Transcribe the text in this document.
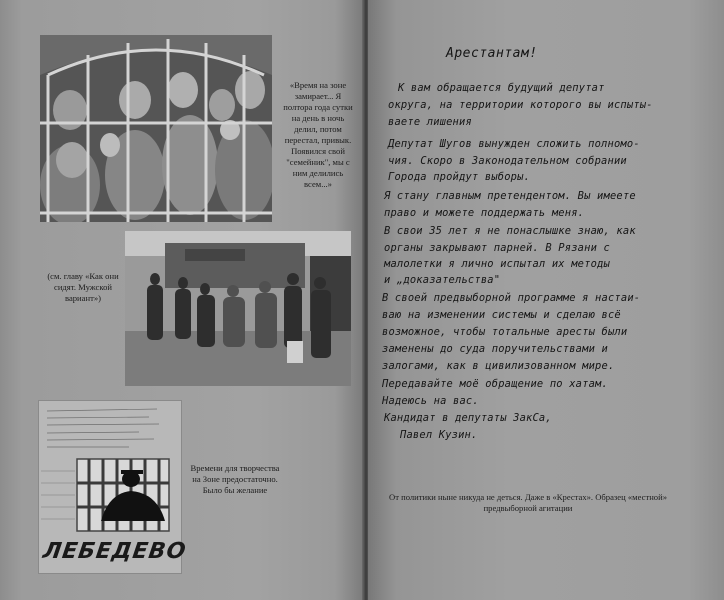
«Время на зоне замирает... Я полтора года сутки на день в ночь делил, потом перестал, привык. Появился свой "семейник", мы с ним делились всем...»
(см. главу «Как они сидят. Мужской вариант»)
ЛЕБЕДЕВО
Времени для творчества на Зоне предостаточно. Было бы желание
Арестантам!
К вам обращается будущий депутат
округа, на территории которого вы испыты-
ваете лишения
Депутат Шугов вынужден сложить полномо-
чия. Скоро в Законодательном собрании
Города пройдут выборы.
Я стану главным претендентом. Вы имеете
право и можете поддержать меня.
В свои 35 лет я не понаслышке знаю, как
органы закрывают парней. В Рязани с
малолетки я лично испытал их методы
и „доказательства"
В своей предвыборной программе я настаи-
ваю на изменении системы и сделаю всё
возможное, чтобы тотальные аресты были
заменены до суда поручительствами и
залогами, как в цивилизованном мире.
Передавайте моё обращение по хатам.
Надеюсь на вас.
Кандидат в депутаты ЗакСа,
Павел Кузин.
От политики ныне никуда не деться. Даже в «Крестах». Образец «местной» предвыборной агитации
